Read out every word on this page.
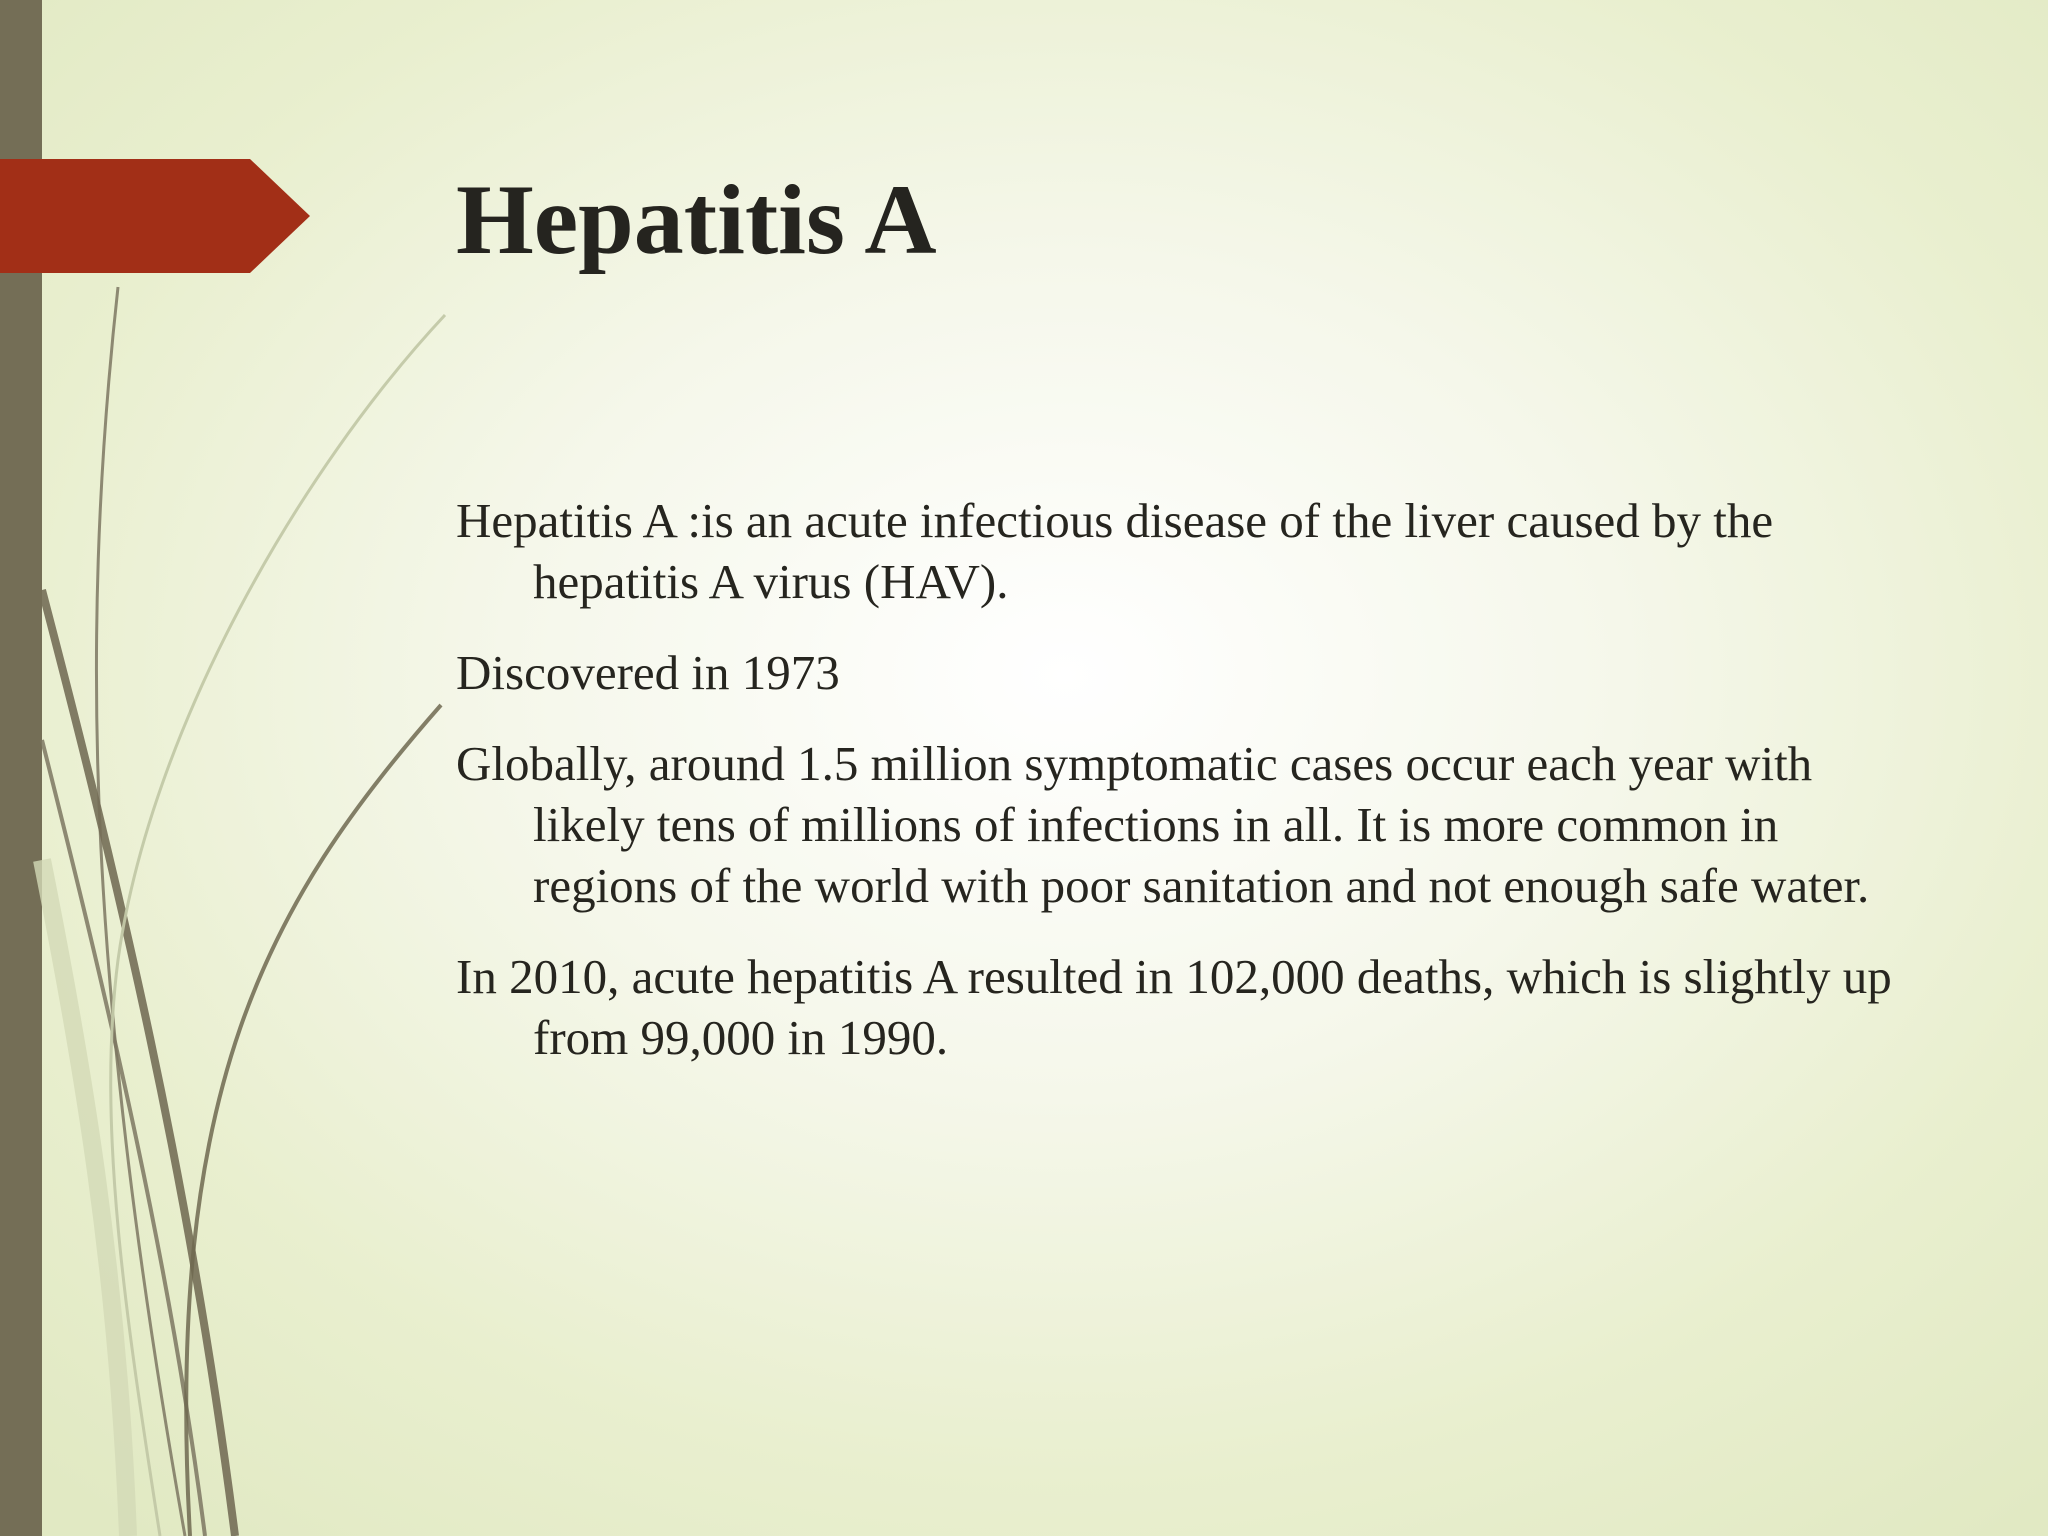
Hepatitis A
Hepatitis A :is an acute infectious disease of the liver caused by the hepatitis A virus (HAV).
Discovered in 1973
Globally, around 1.5 million symptomatic cases occur each year with likely tens of millions of infections in all. It is more common in regions of the world with poor sanitation and not enough safe water.
In 2010, acute hepatitis A resulted in 102,000 deaths, which is slightly up from 99,000 in 1990.
